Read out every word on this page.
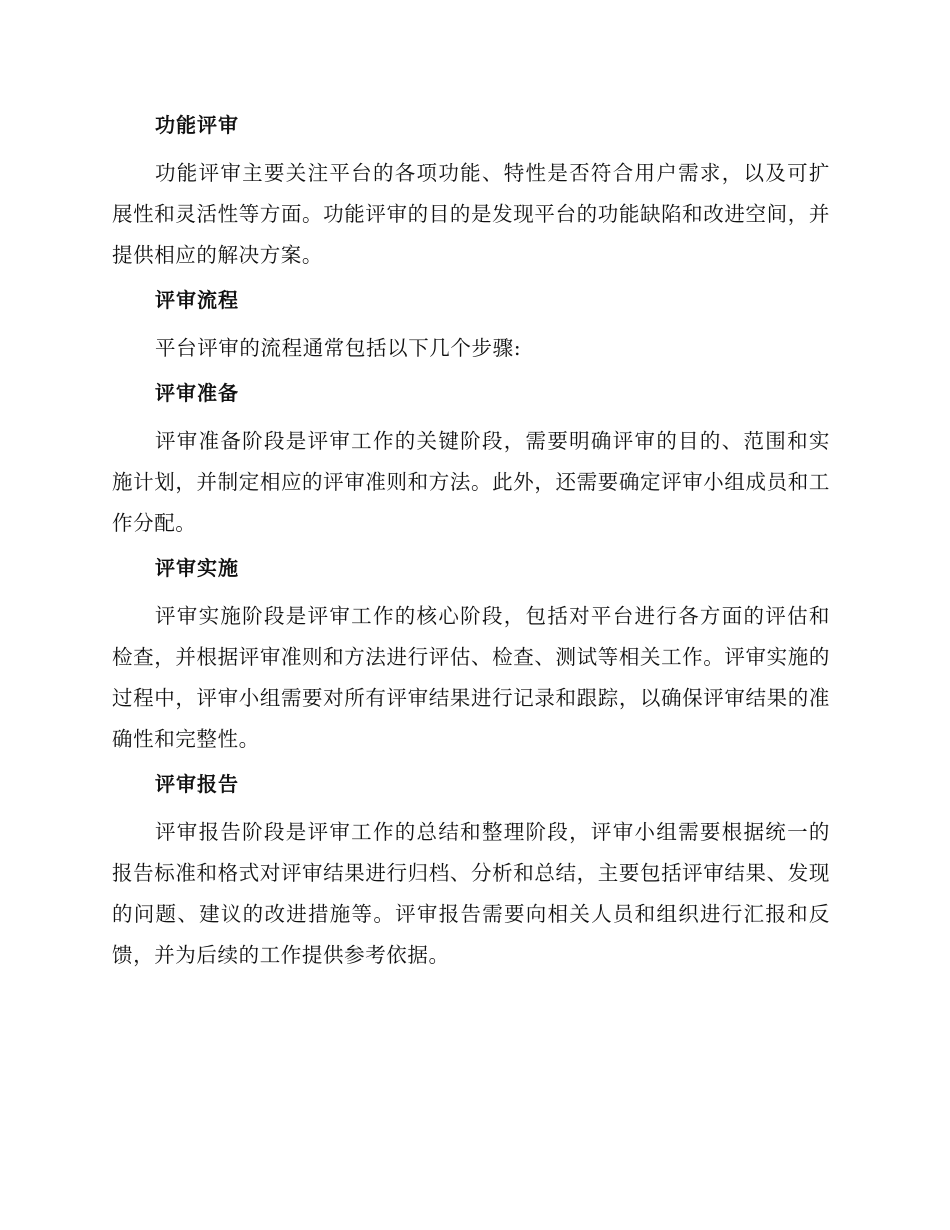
功能评审

功能评审主要关注平台的各项功能、特性是否符合用户需求，以及可扩展性和灵活性等方面。功能评审的目的是发现平台的功能缺陷和改进空间，并提供相应的解决方案。

评审流程

平台评审的流程通常包括以下几个步骤:

评审准备

评审准备阶段是评审工作的关键阶段，需要明确评审的目的、范围和实施计划，并制定相应的评审准则和方法。此外，还需要确定评审小组成员和工作分配。

评审实施

评审实施阶段是评审工作的核心阶段，包括对平台进行各方面的评估和检查，并根据评审准则和方法进行评估、检查、测试等相关工作。评审实施的过程中，评审小组需要对所有评审结果进行记录和跟踪，以确保评审结果的准确性和完整性。

评审报告

评审报告阶段是评审工作的总结和整理阶段，评审小组需要根据统一的报告标准和格式对评审结果进行归档、分析和总结，主要包括评审结果、发现的问题、建议的改进措施等。评审报告需要向相关人员和组织进行汇报和反馈，并为后续的工作提供参考依据。
